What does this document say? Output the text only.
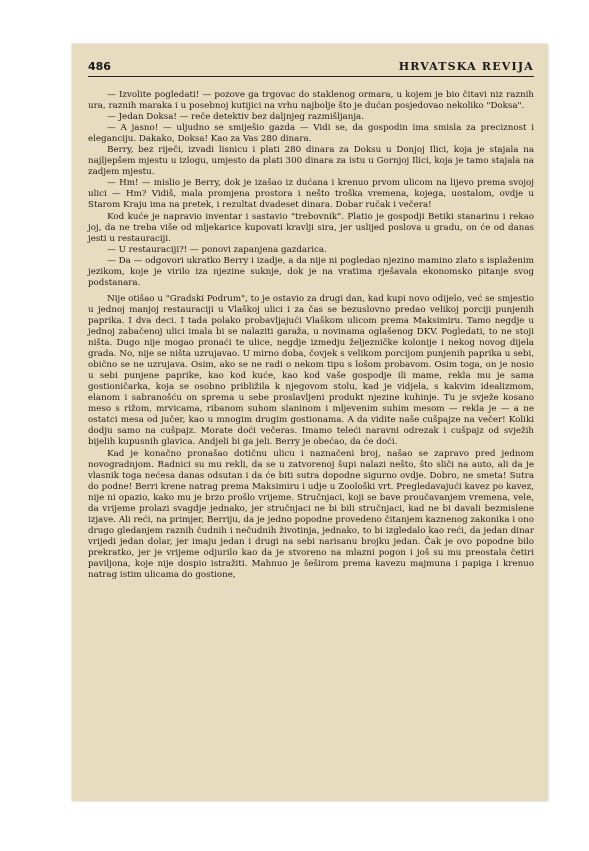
486	HRVATSKA REVIJA

— Izvolite pogledati! — pozove ga trgovac do staklenog ormara, u kojem je bio čitavi niz raznih ura, raznih maraka i u posebnoj kutijici na vrhu najbolje što je dućan posjedovao nekoliko "Doksa".

— Jedan Doksa! — reče detektiv bez daljnjeg razmišljanja.

— A jasno! — uljudno se smiješio gazda — Vidi se, da gospodin ima smisla za preciznost i eleganciju. Dakako, Doksa! Kao za Vas 280 dinara.

Berry, bez riječi, izvadi lisnicu i plati 280 dinara za Doksu u Donjoj Ilici, koja je stajala na najljepšem mjestu u izlogu, umjesto da plati 300 dinara za istu u Gornjoj Ilici, koja je tamo stajala na zadjem mjestu.

— Hm! — mislio je Berry, dok je izašao iz dućana i krenuo prvom ulicom na lijevo prema svojoj ulici — Hm? Vidiš, mala promjena prostora i nešto troška vremena, kojega, uostalom, ovdje u Starom Kraju ima na pretek, i rezultat dvadeset dinara. Dobar ručak i večera!

Kod kuće je napravio inventar i sastavio "trebovnik". Platio je gospodji Betiki stanarinu i rekao joj, da ne treba više od mljekarice kupovati kravlji sira, jer uslijed poslova u gradu, on će od danas jesti u restauraciji.

— U restauraciji?! — ponovi zapanjena gazdarica.

— Da — odgovori ukratko Berry i izadje, a da nije ni pogledao njezino mamino zlato s isplaženim jezikom, koje je virilo iza njezine suknje, dok je na vratima rješavala ekonomsko pitanje svog podstanara.

Nije otišao u "Gradski Podrum", to je ostavio za drugi dan, kad kupi novo odijelo, već se smjestio u jednoj manjoj restauraciji u Vlaškoj ulici i za čas se bezuslovno predao velikoj porciji punjenih paprika. I dva deci. I tada polako probavljajući Vlaškom ulicom prema Maksimiru. Tamo negdje u jednoj zabačenoj ulici imala bi se nalaziti garaža, u novinama oglašenog DKV. Pogledati, to ne stoji ništa. Dugo nije mogao pronaći te ulice, negdje izmedju željezničke kolonije i nekog novog dijela grada. No, nije se ništa uzrujavao. U mirno doba, čovjek s velikom porcijom punjenih paprika u sebi, obično se ne uzrujava. Osim, ako se ne radi o nekom tipu s lošom probavom. Osim toga, on je nosio u sebi punjene paprike, kao kod kuće, kao kod vaše gospodje ili mame, rekla mu je sama gostioničarka, koja se osobno približila k njegovom stolu, kad je vidjela, s kakvim idealizmom, elanom i sabranošću on sprema u sebe proslavljeni produkt njezine kuhinje. Tu je svježe kosano meso s rižom, mrvicama, ribanom suhom slaninom i mljevenim suhim mesom — rekla je — a ne ostatci mesa od jučer, kao u mnogim drugim gostionama. A da vidite naše cušpajze na večer! Koliki dodju samo na cušpajz. Morate doći večeras. Imamo teleći naravni odrezak i cušpajz od svježih bijelih kupusnih glavica. Andjeli bi ga jeli. Berry je obećao, da će doći.

Kad je konačno pronašao dotičnu ulicu i naznačeni broj, našao se zapravo pred jednom novogradnjom. Radnici su mu rekli, da se u zatvorenoj šupi nalazi nešto, što sliči na auto, ali da je vlasnik toga nećesa danas odsutan i da će biti sutra dopodne sigurno ovdje. Dobro, ne smeta! Sutra do podne! Berri krene natrag prema Maksimiru i udje u Zoološki vrt. Pregledavajući kavez po kavez, nije ni opazio, kako mu je brzo prošlo vrijeme. Stručnjaci, koji se bave proučavanjem vremena, vele, da vrijeme prolazi svagdje jednako, jer stručnjaci ne bi bili stručnjaci, kad ne bi davali bezmislene izjave. Ali reći, na primjer, Berriju, da je jedno popodne provedeno čitanjem kaznenog zakonika i ono drugo gledanjem raznih čudnih i nečudnih životinja, jednako, to bi izgledalo kao reći, da jedan dinar vrijedi jedan dolar, jer imaju jedan i drugi na sebi narisanu brojku jedan. Čak je ovo popodne bilo prekratko, jer je vrijeme odjurilo kao da je stvoreno na mlazni pogon i još su mu preostala četiri paviljona, koje nije dospio istražiti. Mahnuo je šeširom prema kavezu majmuna i papiga i krenuo natrag istim ulicama do gostione,
